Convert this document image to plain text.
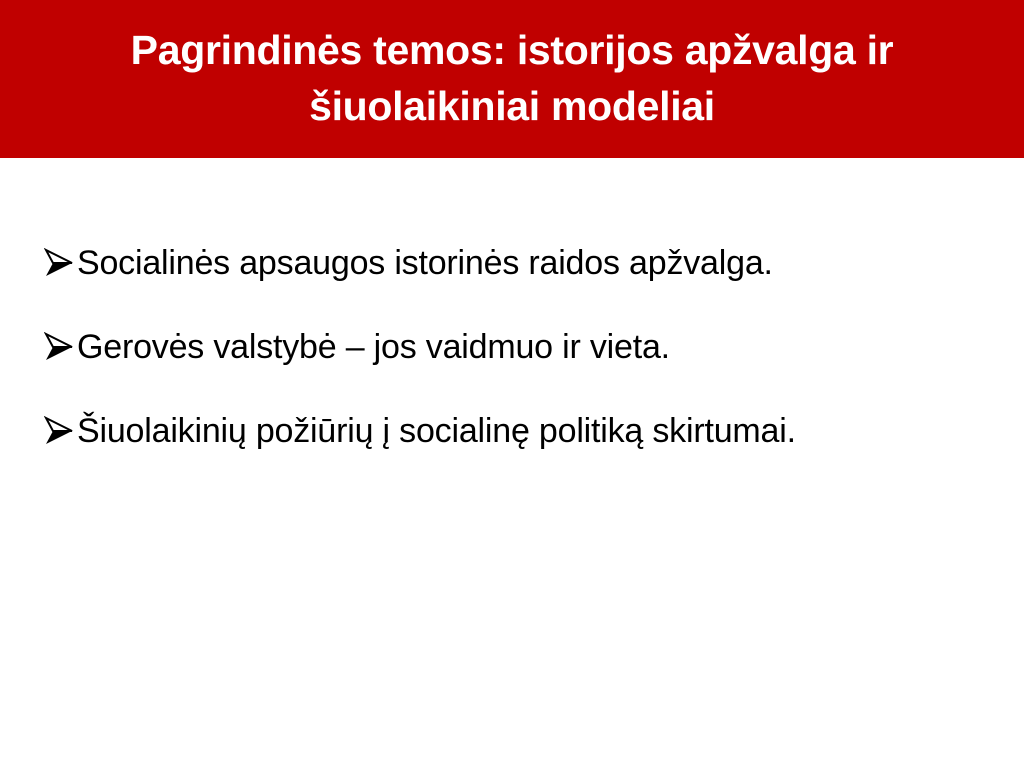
Pagrindinės temos: istorijos apžvalga ir šiuolaikiniai modeliai
Socialinės apsaugos istorinės raidos apžvalga.
Gerovės valstybė – jos vaidmuo ir vieta.
Šiuolaikinių požiūrių į socialinę politiką skirtumai.
